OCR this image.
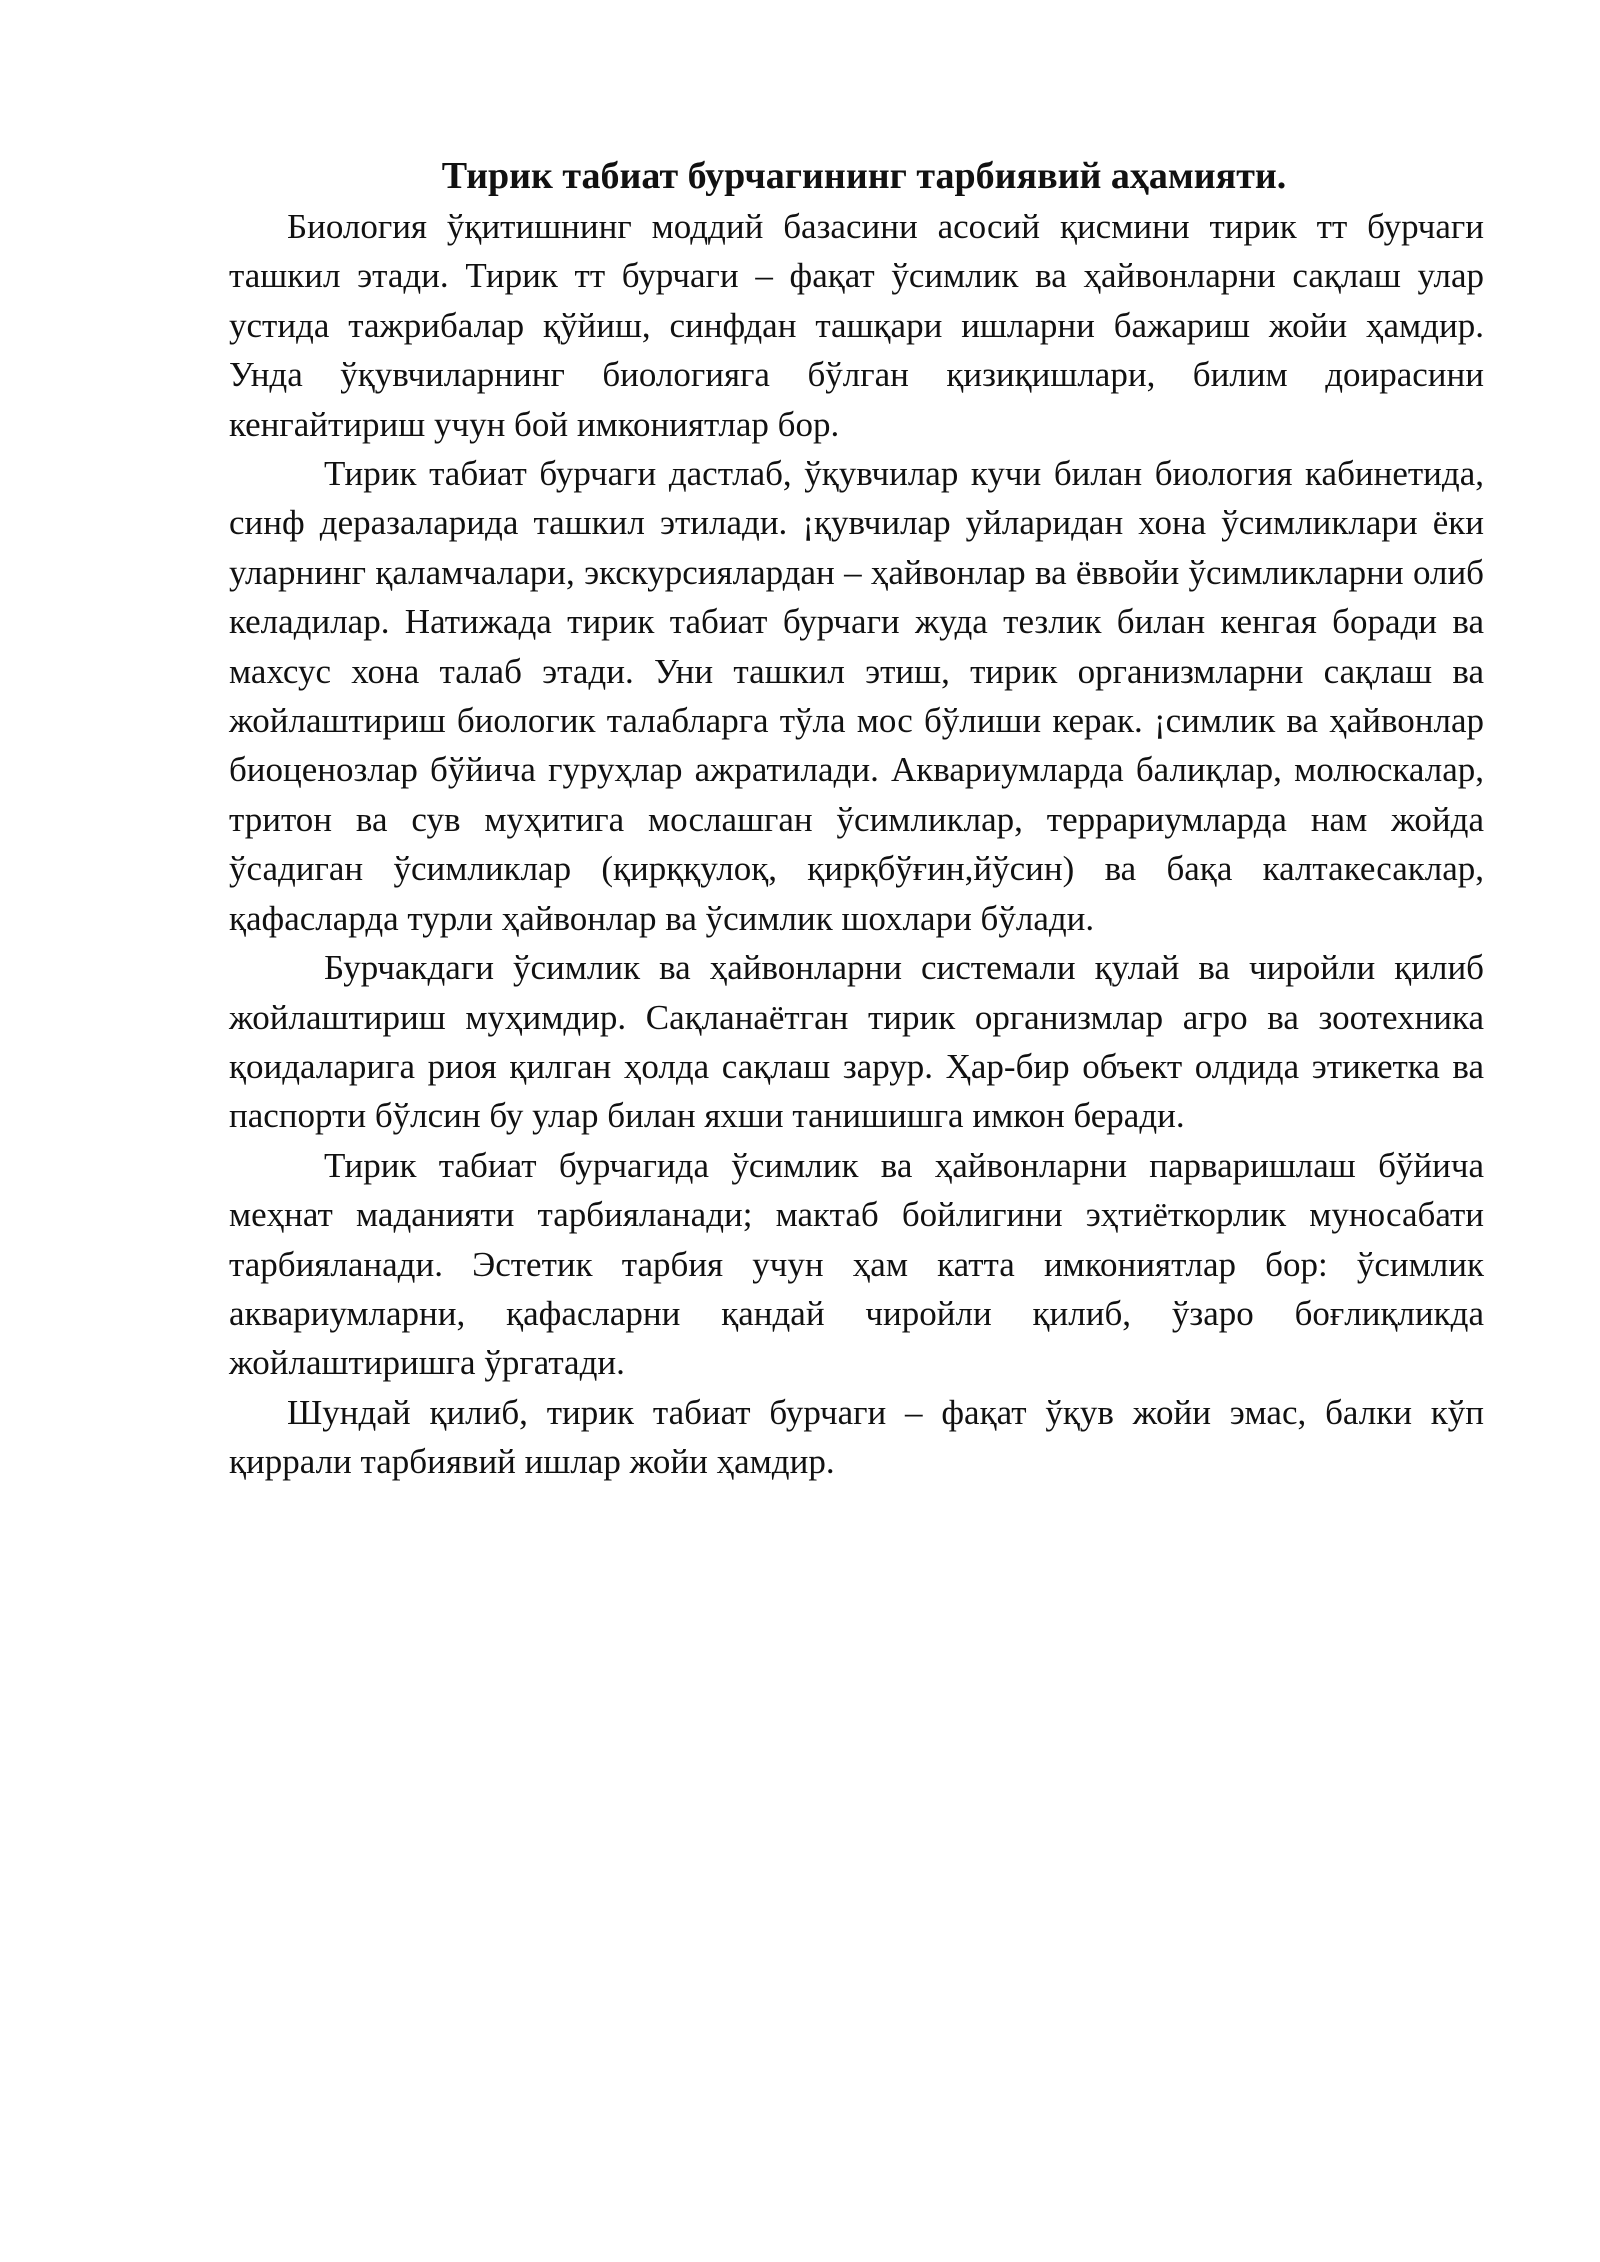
Тирик табиат бурчагининг тарбиявий аҳамияти.

Биология ўқитишнинг моддий базасини асосий қисмини тирик тт бурчаги ташкил этади. Тирик тт бурчаги – фақат ўсимлик ва ҳайвонларни сақлаш улар устида тажрибалар қўйиш, синфдан ташқари ишларни бажариш жойи ҳамдир. Унда ўқувчиларнинг биологияга бўлган қизиқишлари, билим доирасини кенгайтириш учун бой имкониятлар бор.

Тирик табиат бурчаги дастлаб, ўқувчилар кучи билан биология кабинетида, синф деразаларида ташкил этилади. ¡қувчилар уйларидан хона ўсимликлари ёки уларнинг қаламчалари, экскурсиялардан – ҳайвонлар ва ёввойи ўсимликларни олиб келадилар. Натижада тирик табиат бурчаги жуда тезлик билан кенгая боради ва махсус хона талаб этади. Уни ташкил этиш, тирик организмларни сақлаш ва жойлаштириш биологик талабларга тўла мос бўлиши керак. ¡симлик ва ҳайвонлар биоценозлар бўйича гуруҳлар ажратилади. Аквариумларда балиқлар, молюскалар, тритон ва сув муҳитига мослашган ўсимликлар, террариумларда нам жойда ўсадиган ўсимликлар (қирққулоқ, қирқбўғин,йўсин) ва бақа калтакесаклар, қафасларда турли ҳайвонлар ва ўсимлик шохлари бўлади.

Бурчакдаги ўсимлик ва ҳайвонларни системали қулай ва чиройли қилиб жойлаштириш муҳимдир. Сақланаётган тирик организмлар агро ва зоотехника қоидаларига риоя қилган ҳолда сақлаш зарур. Ҳар-бир объект олдида этикетка ва паспорти бўлсин бу улар билан яхши танишишга имкон беради.

Тирик табиат бурчагида ўсимлик ва ҳайвонларни парваришлаш бўйича меҳнат маданияти тарбияланади; мактаб бойлигини эҳтиёткорлик муносабати тарбияланади. Эстетик тарбия учун ҳам катта имкониятлар бор: ўсимлик аквариумларни, қафасларни қандай чиройли қилиб, ўзаро боғлиқликда жойлаштиришга ўргатади.

Шундай қилиб, тирик табиат бурчаги – фақат ўқув жойи эмас, балки кўп қиррали тарбиявий ишлар жойи ҳамдир.
